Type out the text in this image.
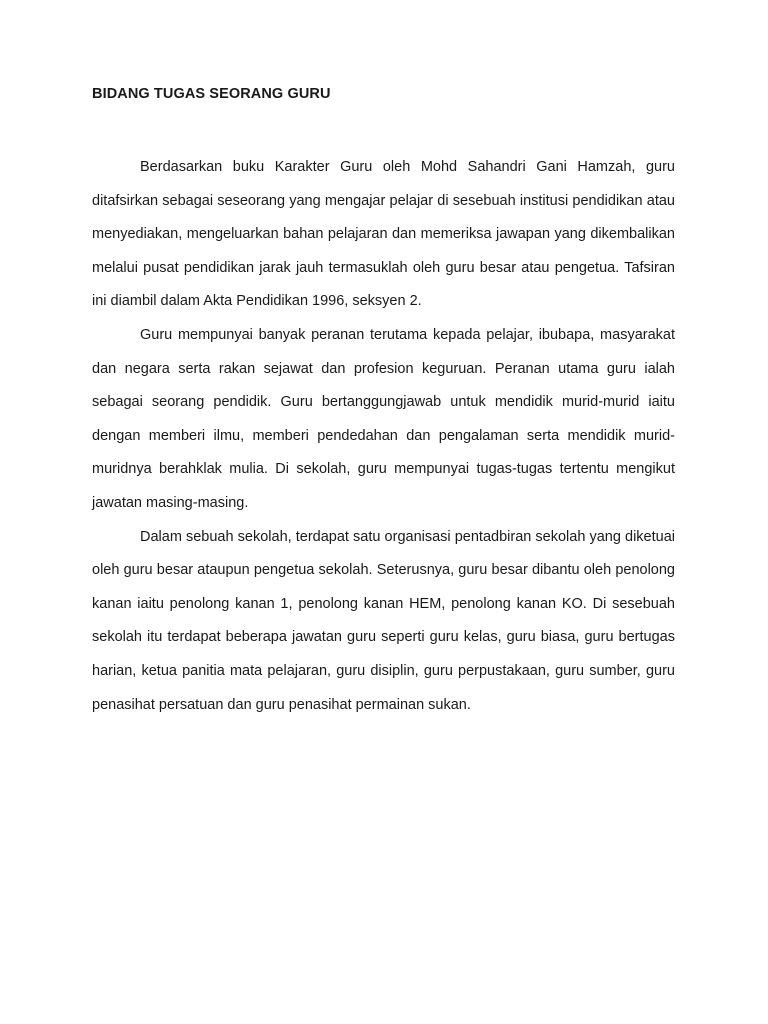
BIDANG TUGAS SEORANG GURU

Berdasarkan buku Karakter Guru oleh Mohd Sahandri Gani Hamzah, guru ditafsirkan sebagai seseorang yang mengajar pelajar di sesebuah institusi pendidikan atau menyediakan, mengeluarkan bahan pelajaran dan memeriksa jawapan yang dikembalikan melalui pusat pendidikan jarak jauh termasuklah oleh guru besar atau pengetua. Tafsiran ini diambil dalam Akta Pendidikan 1996, seksyen 2.

Guru mempunyai banyak peranan terutama kepada pelajar, ibubapa, masyarakat dan negara serta rakan sejawat dan profesion keguruan. Peranan utama guru ialah sebagai seorang pendidik. Guru bertanggungjawab untuk mendidik murid-murid iaitu dengan memberi ilmu, memberi pendedahan dan pengalaman serta mendidik murid-muridnya berahklak mulia. Di sekolah, guru mempunyai tugas-tugas tertentu mengikut jawatan masing-masing.

Dalam sebuah sekolah, terdapat satu organisasi pentadbiran sekolah yang diketuai oleh guru besar ataupun pengetua sekolah. Seterusnya, guru besar dibantu oleh penolong kanan iaitu penolong kanan 1, penolong kanan HEM, penolong kanan KO. Di sesebuah sekolah itu terdapat beberapa jawatan guru seperti guru kelas, guru biasa, guru bertugas harian, ketua panitia mata pelajaran, guru disiplin, guru perpustakaan, guru sumber, guru penasihat persatuan dan guru penasihat permainan sukan.
